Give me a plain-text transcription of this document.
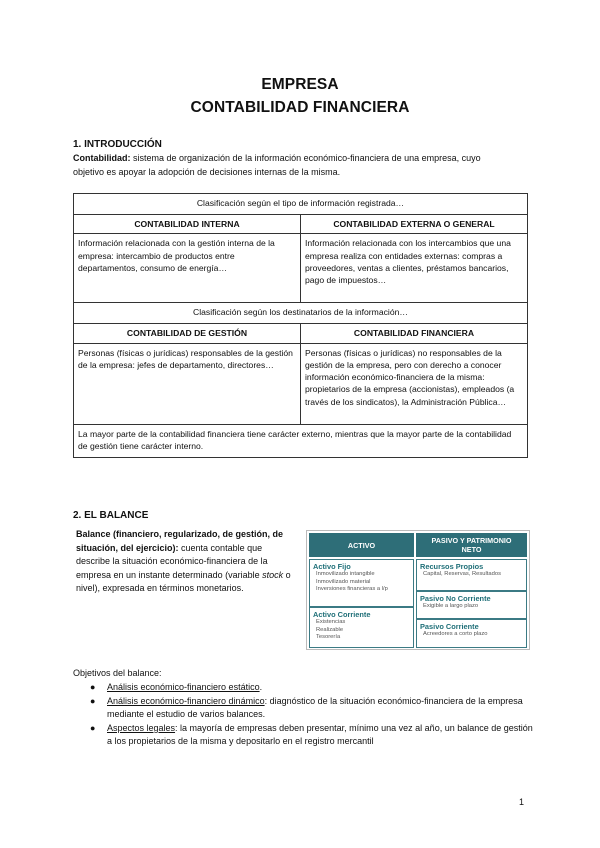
EMPRESA
CONTABILIDAD FINANCIERA
1. INTRODUCCIÓN
Contabilidad: sistema de organización de la información económico-financiera de una empresa, cuyo
objetivo es apoyar la adopción de decisiones internas de la misma.
Clasificación según el tipo de información registrada…	
CONTABILIDAD INTERNA	CONTABILIDAD EXTERNA O GENERAL
Información relacionada con la gestión interna de la empresa: intercambio de productos entre departamentos, consumo de energía…	Información relacionada con los intercambios que una empresa realiza con entidades externas: compras a proveedores, ventas a clientes, préstamos bancarios, pago de impuestos…
Clasificación según los destinatarios de la información…	
CONTABILIDAD DE GESTIÓN	CONTABILIDAD FINANCIERA
Personas (físicas o jurídicas) responsables de la gestión de la empresa: jefes de departamento, directores…	Personas (físicas o jurídicas) no responsables de la gestión de la empresa, pero con derecho a conocer información económico-financiera de la misma: propietarios de la empresa (accionistas), empleados (a través de los sindicatos), la Administración Pública…
La mayor parte de la contabilidad financiera tiene carácter externo, mientras que la mayor parte de la contabilidad de gestión tiene carácter interno.	
2. EL BALANCE
Balance (financiero, regularizado, de gestión, de situación, del ejercicio): cuenta contable que describe la situación económico-financiera de la empresa en un instante determinado (variable stock o nivel), expresada en términos monetarios.
ACTIVO	PASIVO Y PATRIMONIO NETO
Activo Fijo
Inmovilizado intangible
Inmovilizado material
Inversiones financieras a l/p
Activo Corriente
Existencias
Realizable
Tesorería
Recursos Propios
Capital, Reservas, Resultados
Pasivo No Corriente
Exigible a largo plazo
Pasivo Corriente
Acreedores a corto plazo
Objetivos del balance:
● Análisis económico-financiero estático.
● Análisis económico-financiero dinámico: diagnóstico de la situación económico-financiera de la empresa mediante el estudio de varios balances.
● Aspectos legales: la mayoría de empresas deben presentar, mínimo una vez al año, un balance de gestión a los propietarios de la misma y depositarlo en el registro mercantil
1
